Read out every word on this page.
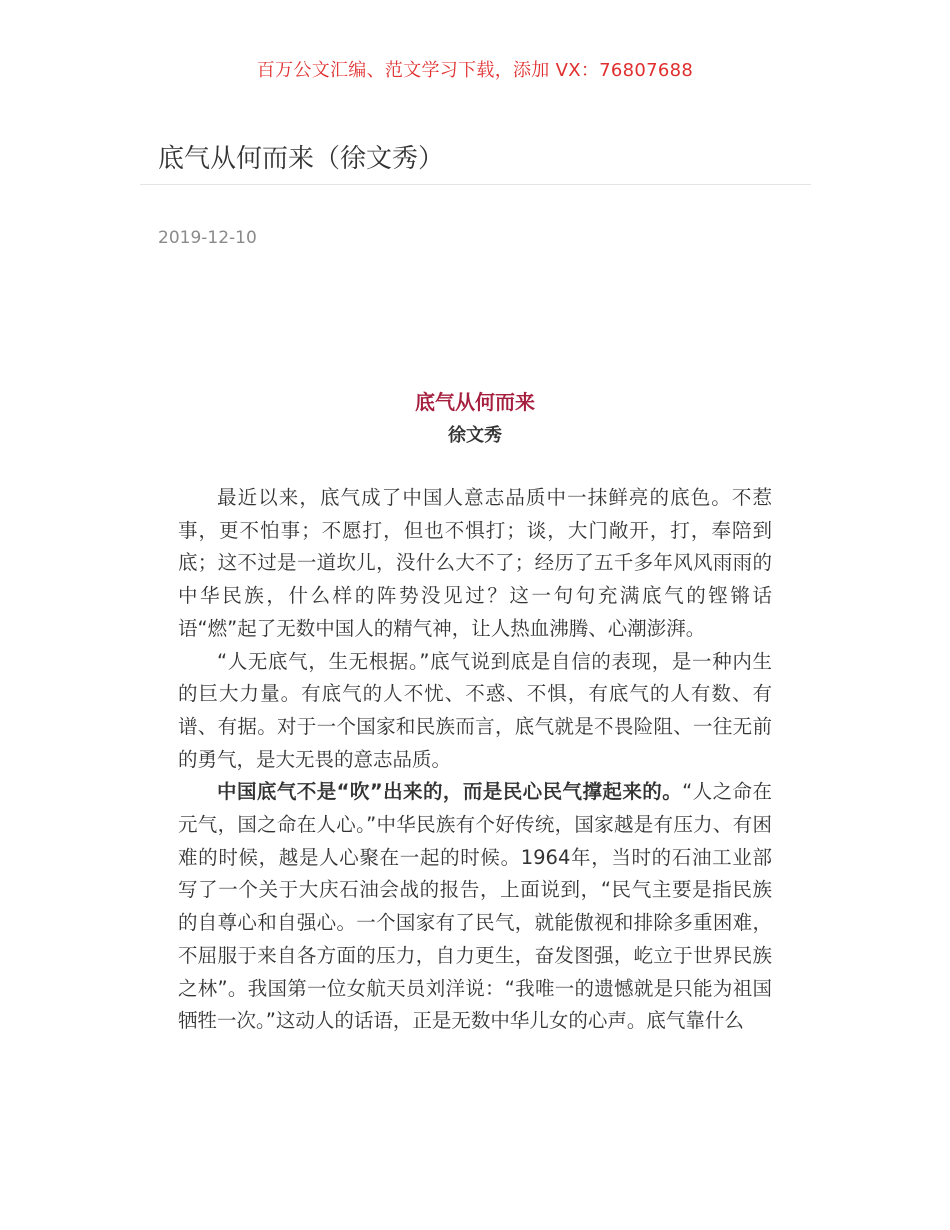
百万公文汇编、范文学习下载，添加 VX：76807688
底气从何而来（徐文秀）
2019-12-10
底气从何而来
徐文秀

最近以来，底气成了中国人意志品质中一抹鲜亮的底色。不惹事，更不怕事；不愿打，但也不惧打；谈，大门敞开，打，奉陪到底；这不过是一道坎儿，没什么大不了；经历了五千多年风风雨雨的中华民族，什么样的阵势没见过？这一句句充满底气的铿锵话语“燃”起了无数中国人的精气神，让人热血沸腾、心潮澎湃。

“人无底气，生无根据。”底气说到底是自信的表现，是一种内生的巨大力量。有底气的人不忧、不惑、不惧，有底气的人有数、有谱、有据。对于一个国家和民族而言，底气就是不畏险阻、一往无前的勇气，是大无畏的意志品质。

中国底气不是“吹”出来的，而是民心民气撑起来的。“人之命在元气，国之命在人心。”中华民族有个好传统，国家越是有压力、有困难的时候，越是人心聚在一起的时候。1964年，当时的石油工业部写了一个关于大庆石油会战的报告，上面说到，“民气主要是指民族的自尊心和自强心。一个国家有了民气，就能傲视和排除多重困难，不屈服于来自各方面的压力，自力更生，奋发图强，屹立于世界民族之林”。我国第一位女航天员刘洋说：“我唯一的遗憾就是只能为祖国牺牲一次。”这动人的话语，正是无数中华儿女的心声。底气靠什么
